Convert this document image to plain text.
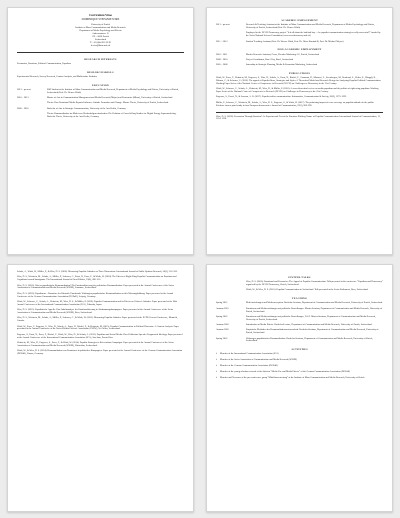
Curriculum Vitae
DOMINIQUE STEFANIE WIRZ
University of Zurich
Institute of Mass Communication and Media Research
Department of Media Psychology and Effects
Andreasstrasse 15
CH – 8050 Zurich
Switzerland
T: +41 (0)44 635 20 91
d.wirz@ikmz.uzh.ch
RESEARCH INTERESTS
Persuasion, Emotions, Political Communication, Populism
RESEARCH SKILLS
Experimental Research, Survey Research, Content Analysis, and Multivariate Statistics
EDUCATION
2013 – present	PhD Student at the Institute of Mass Communication and Media Research, Department of Media Psychology and Effects, University of Zurich, Switzerland (Prof. Dr. Werner Wirth)
2010 – 2013	Master of Arts in Communication Management and Media Research (Major) and Economics (Minor), University of Zurich, Switzerland
Thesis: How Emotional Media Reports Influence Attitude Formation and Change. Master Thesis, University of Zurich, Switzerland.
2006 – 2010	Bachelor of Arts in Strategic Communication, University of the Arts Berlin, Germany
Thesis: Kommunikation im Markt von Hochschulgemeinschaften: Die Relation of Cross-Selling Studies for Digital Energy Supermarketing. Bachelor Thesis, University of the Arts Berlin, Germany
ACADEMIC EMPLOYMENT
2013 – present	Research & Teaching Assistant at the Institute of Mass Communication and Media Research, Department of Media Psychology and Effects, University of Zurich, Switzerland (Prof. Dr. Werner Wirth)
Employed in the NCCR Democracy project “Is it all about the bad-bad boy – Are populist communication strategies really successful?” funded by the Swiss National Science Foundation (www.nccr-democracy.uzh.ch)
2011 – 2013	Student Teaching Assistant (Prof. Dr. Werner Wirth, Prof. Dr. Heinz Bonfadelli, Prof. Dr. Michael Meyen)
NON-ACADEMIC EMPLOYMENT
2010 – 2011	Market Research Assistant, Gross, Dresden Marketing AG, Zurich, Switzerland
2008 – 2010	Project Coordinator, Basel City, Basel, Switzerland
2005 – 2006	Internship in Strategic Planning, Media & Promotion Marketing, Switzerland
PUBLICATIONS
Wirth, W., Esser, F., Wettstein, M., Engesser, S., Wirz, D., Schulz, A., Ernst, N., Büchel, F., Caramani, D., Manucci, L., Steenbergen, M., Bernhard, L., Weber, E., Hänggli, R., Dalmus, C., & Schemer, C. (2016). The appeal of Populist Ideas, Strategies and Styles: A Theoretical Model and Research Design for Analyzing Populist Political Communication. Working Paper Series of the National Center of Competence in Research (NCCR) on Challenges to Democracy in the 21st Century.
Wirth, W., Schemer, C., Schulz, A., Wettstein, M., Wirz, D., & Müller, P. (2016). A cross-theoretical review on media populism and the politics of right-wing populism. Working Paper Series of the National Center of Competence in Research (NCCR) on Challenges to Democracy in the 21st Century.
Engesser, S., Fawzi, N., & Larsson, A. O. (2017). Populist online communication. Information, Communication & Society, 20(9), 1279–1292.
Müller, P., Schemer, C., Wettstein, M., Schulz, A., Wirz, D. S., Engesser, S., & Wirth, W. (2017). The polarizing impact of news coverage on populist attitudes in the public: Evidence from a panel study in four European democracies. Journal of Communication, 67(6), 968–992.
Wirz, D. S. (2018). Persuasion Through Emotion? An Experimental Test of the Emotion-Eliciting Nature of Populist Communication. International Journal of Communication, 12, 1114–1138.
Schulz, A., Wirth, W., Müller, P., & Wirz, D. S. (2018). Measuring Populist Attitudes on Three Dimensions. International Journal of Public Opinion Research, 30(2), 316–326.
Wirz, D. S., Wettstein, M., Schulz, A., Müller, P., Schemer, C., Ernst, N., Esser, F., & Wirth, W. (2018). The Effects of Right-Wing Populist Communication on Emotions and Cognitions toward Immigrants. The International Journal of Press/Politics, 23(4), 496–516.
Wirz, D. S. (2016). Was ist populistische Kommunikation? Die Emotionalisierung der politischen Kommunikation. Paper presented at the Annual Conference of the Swiss Association of Communication and Media Research (SGKM), Lausanne, Switzerland.
Wirz, D. S. (2016). Populismus – Bausteine der Rhetorik. Emotionale Wirkungen populistischer Kommunikation auf die Meinungsbildung. Paper presented at the Annual Conference of the German Communication Association (DGPuK), Leipzig, Germany.
Wirth, W., Schemer, C., Schulz, A., Wettstein, M., Wirz, D. S., & Müller, P. (2016). Populist Communication and its Effects on Citizens' Attitudes. Paper presented at the 66th Annual Conference of the International Communication Association (ICA), Fukuoka, Japan.
Wirz, D. S. (2015). Populistische Appelle: Eine Inhaltsanalyse der Emotionalisierung in Abstimmungskampagnen. Paper presented at the Annual Conference of the Swiss Association of Communication and Media Research (SGKM), Bern, Switzerland.
Wirz, D. S., Wettstein, M., Schulz, A., Müller, P., Schemer, C., & Wirth, W. (2015). Measuring Populist Attitudes. Paper presented at the ECPR General Conference, Montréal, Canada.
Wirth, W., Esser, F., Engesser, S., Wirz, D., Schulz, A., Ernst, N., Büchel, F., & Wettstein, M. (2015). Populist Communication in Political Discourse: A Content Analysis. Paper presented at the Annual Conference of the Swiss Political Science Association (SVPW), St. Gallen, Switzerland.
Engesser, S., Ernst, N., Esser, F., Büchel, F., Wirth, W., Wirz, D., & Schulz, A. (2015). Populism and Social Media: How Politicians Spread a Fragmented Ideology. Paper presented at the Annual Conference of the International Communication Association (ICA), San Juan, Puerto Rico.
Wettstein, M., Wirz, D., Engesser, S., Esser, F., & Wirth, W. (2014). Populist Strategies in Referendum Campaigns. Paper presented at the Annual Conference of the Swiss Association of Communication and Media Research (SGKM), Winterthur, Switzerland.
Wirth, W., & Wirz, D. S. (2014). Kommunikation von Emotionen in politischen Kampagnen. Paper presented at the Annual Conference of the German Communication Association (DGPuK), Passau, Germany.
INVITED TALKS
Wirz, D. S. (2016). Emotional and Persuasive: The Appeal of Populist Communication. Talk presented at the conference “Populism and Democracy” organized by the NCCR Democracy, Zurich, Switzerland.
Wirth, W., & Wirz, D. S. (2015). Populist Communication in Switzerland. Talk presented at the Swiss Parliament, Bern, Switzerland.
TEACHING
Spring 2015	Medienwirkungen und Medienrezeption. Bachelor-Seminar, Department of Communication and Media Research, University of Zurich, Switzerland.
Autumn 2015	Emotionen und Medienwirkungen auf politische Einstellungen. Master-Seminar, Department of Communication and Media Research, University of Zurich, Switzerland.
Spring 2016	Emotionen und Medienwirkungen auf politische Einstellungen, Teil 2. Master-Seminar, Department of Communication and Media Research, University of Zurich, Switzerland.
Autumn 2016	Introduction to Media Effects. Bachelor-Lecture, Department of Communication and Media Research, University of Zurich, Switzerland.
Autumn 2016	Empirische Methoden der Kommunikationswissenschaft. Bachelor-Seminar, Department of Communication and Media Research, University of Zurich, Switzerland.
Spring 2016	Wirkungen populistischer Kommunikation. Bachelor-Seminar, Department of Communication and Media Research, University of Zurich, Switzerland.
ACTIVITIES
▪	Member of the International Communication Association (ICA)
▪	Member of the Swiss Association of Communication and Media Research (SGKM)
▪	Member of the German Communication Association (DGPuK)
▪	Member of the young scholars network of the division “Media Use and Media Effects” of the German Communication Association (DGPuK)
▪	Member and Treasurer of the pre-conference group “Mittelbauvertretung” at the Institute of Mass Communication and Media Research, University of Zurich
